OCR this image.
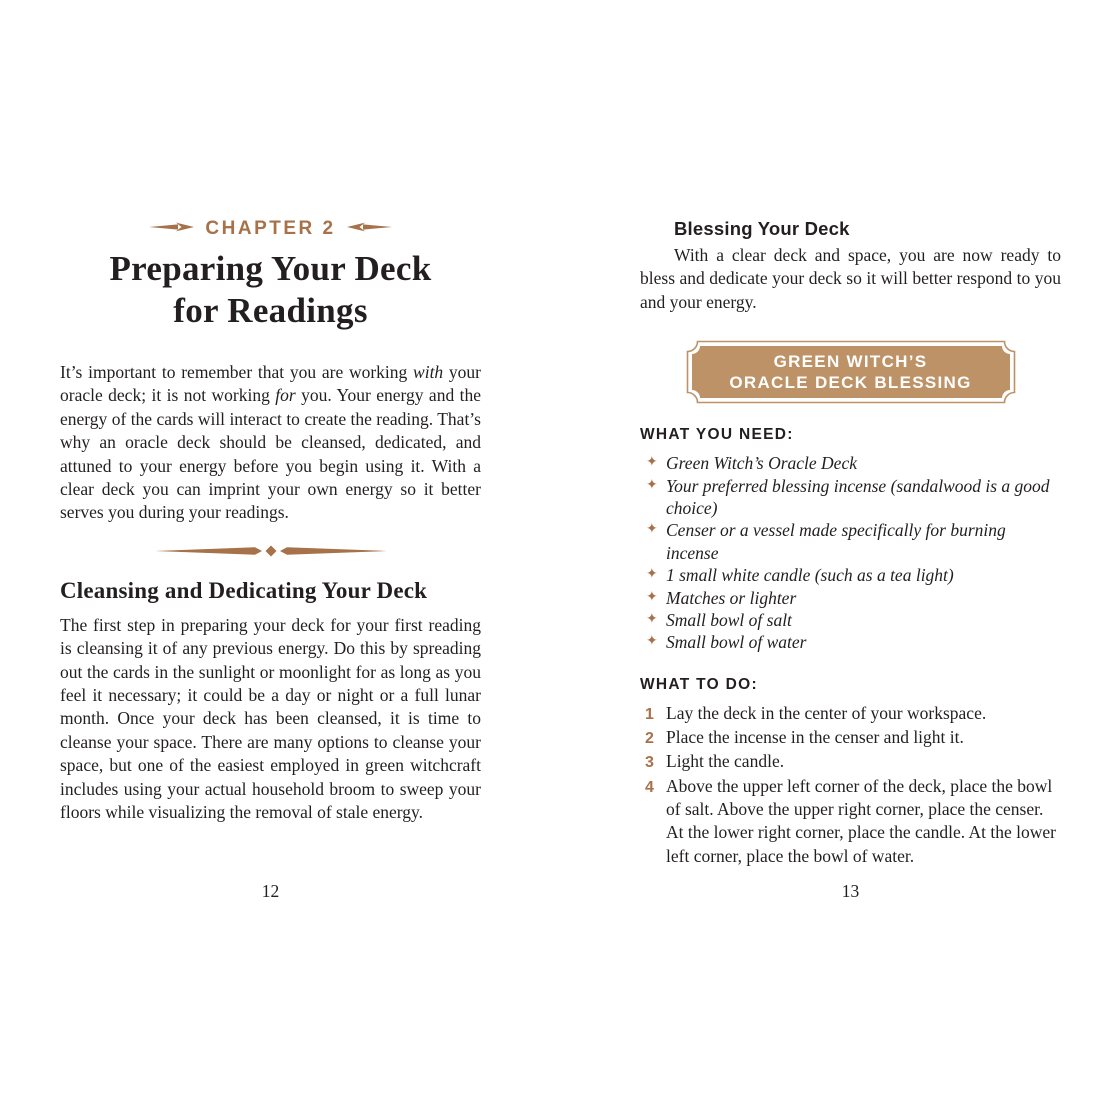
CHAPTER 2
Preparing Your Deck
for Readings

It’s important to remember that you are working with your oracle deck; it is not working for you. Your energy and the energy of the cards will interact to create the reading. That’s why an oracle deck should be cleansed, dedicated, and attuned to your energy before you begin using it. With a clear deck you can imprint your own energy so it better serves you during your readings.

Cleansing and Dedicating Your Deck

The first step in preparing your deck for your first reading is cleansing it of any previous energy. Do this by spreading out the cards in the sunlight or moonlight for as long as you feel it necessary; it could be a day or night or a full lunar month. Once your deck has been cleansed, it is time to cleanse your space. There are many options to cleanse your space, but one of the easiest employed in green witchcraft includes using your actual household broom to sweep your floors while visualizing the removal of stale energy.

Blessing Your Deck

With a clear deck and space, you are now ready to bless and dedicate your deck so it will better respond to you and your energy.

GREEN WITCH’S
ORACLE DECK BLESSING
WHAT YOU NEED:
✦ Green Witch’s Oracle Deck
✦ Your preferred blessing incense (sandalwood is a good choice)
✦ Censer or a vessel made specifically for burning incense
✦ 1 small white candle (such as a tea light)
✦ Matches or lighter
✦ Small bowl of salt
✦ Small bowl of water
WHAT TO DO:
1 Lay the deck in the center of your workspace.
2 Place the incense in the censer and light it.
3 Light the candle.
4 Above the upper left corner of the deck, place the bowl of salt. Above the upper right corner, place the censer. At the lower right corner, place the candle. At the lower left corner, place the bowl of water.
12	13
